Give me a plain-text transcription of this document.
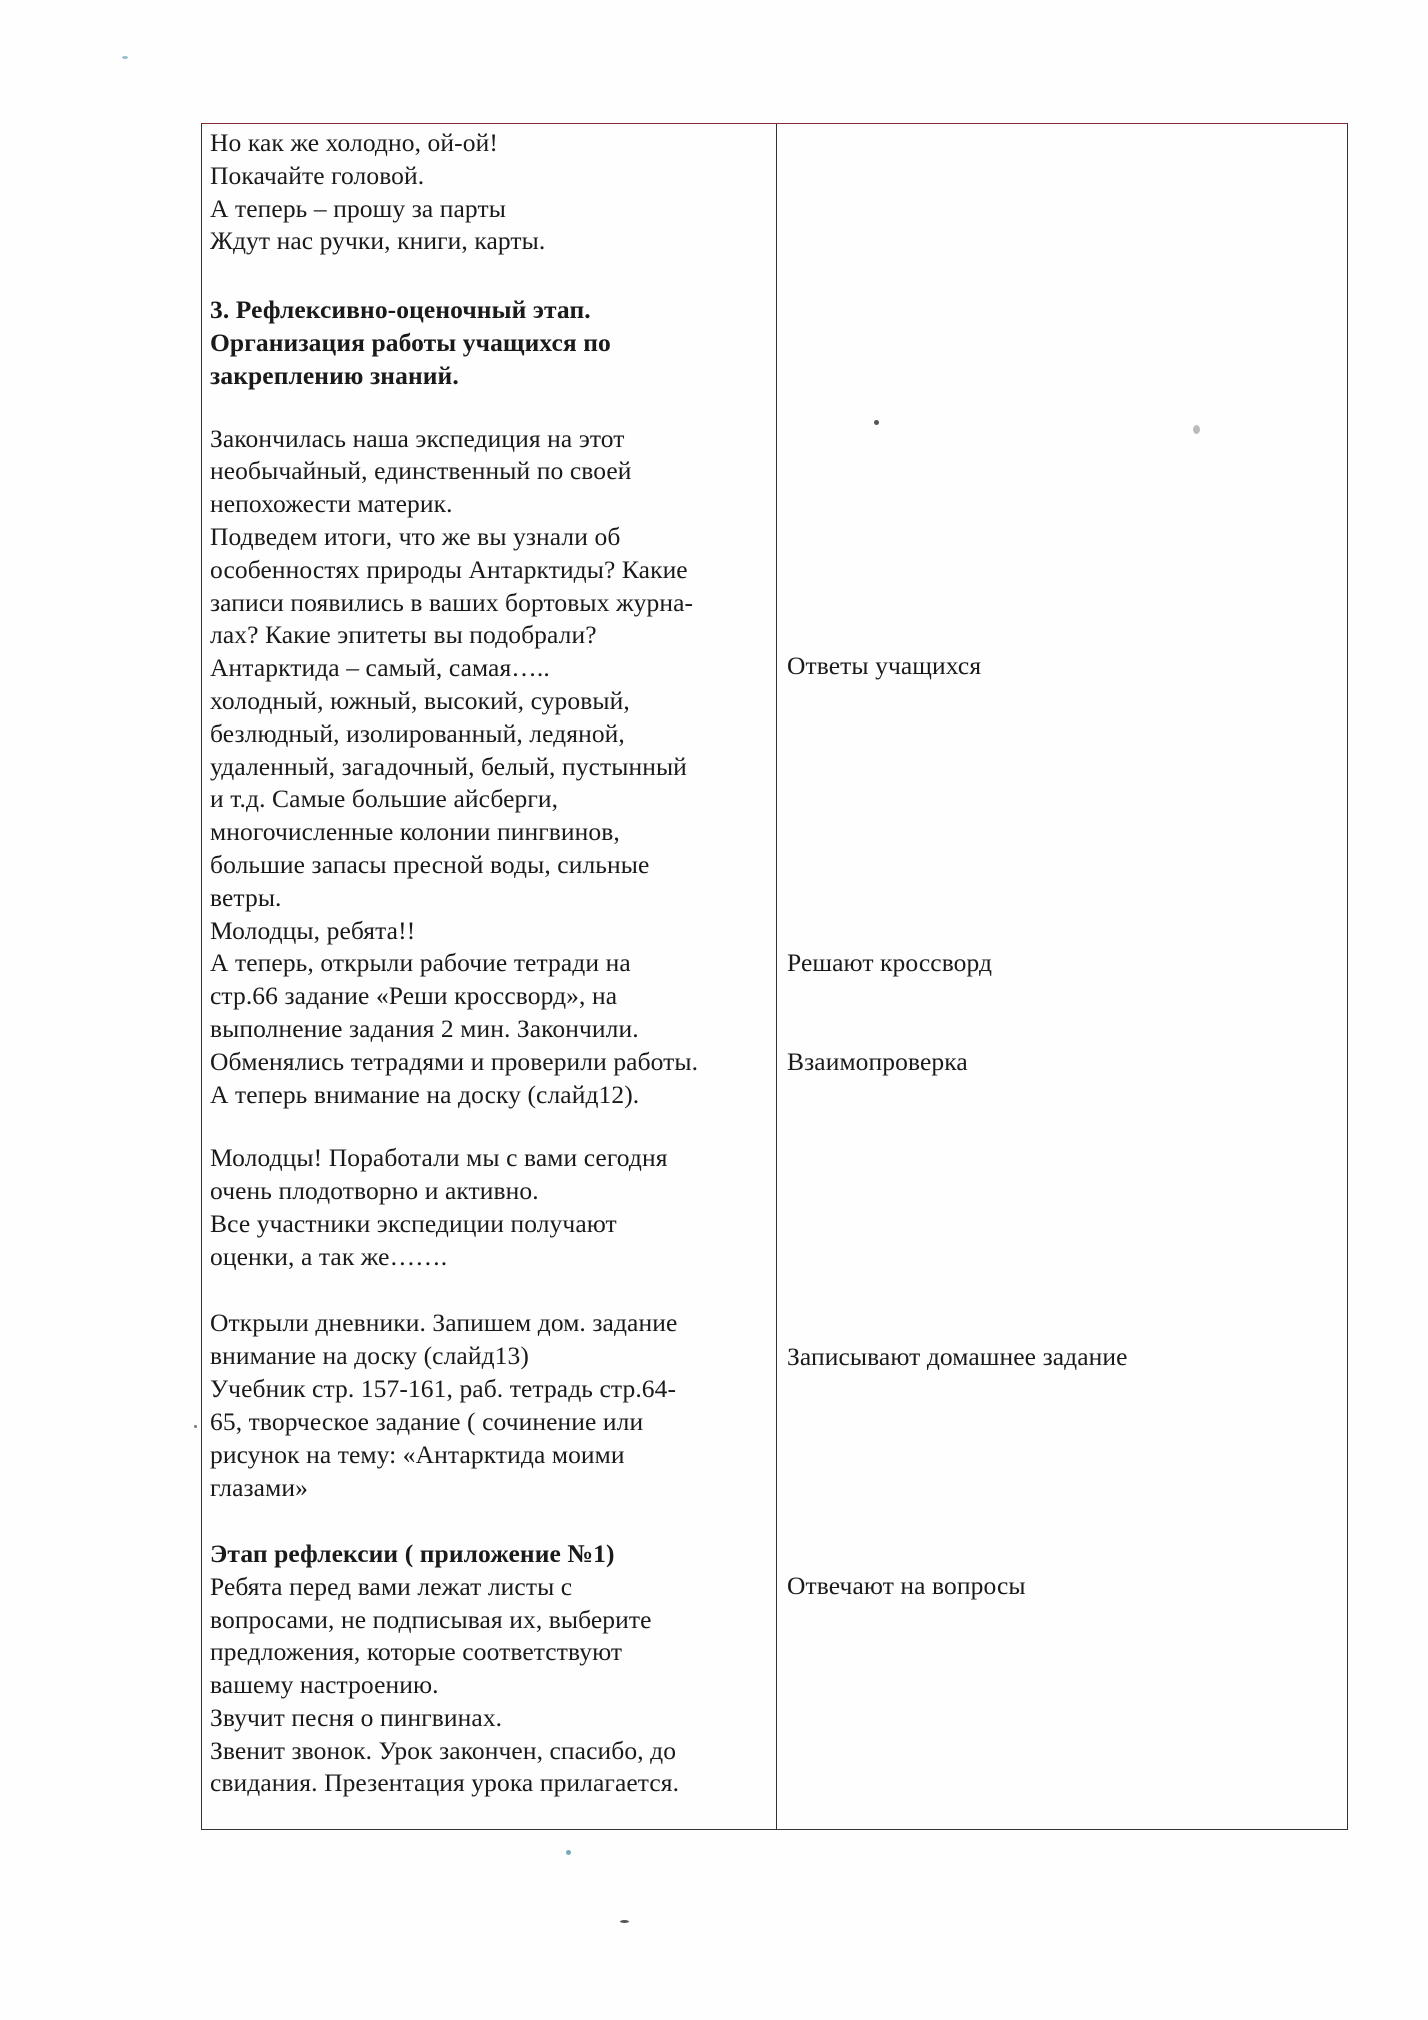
Но как же холодно, ой-ой!
Покачайте головой.
А теперь – прошу за парты
Ждут нас ручки, книги, карты.
3. Рефлексивно-оценочный этап.
Организация работы учащихся по
закреплению знаний.
Закончилась наша экспедиция на этот
необычайный, единственный по своей
непохожести материк.
Подведем итоги, что же вы узнали об
особенностях природы Антарктиды? Какие
записи появились в ваших бортовых журна-
лах? Какие эпитеты вы подобрали?
Антарктида – самый, самая…..
холодный, южный, высокий, суровый,
безлюдный, изолированный, ледяной,
удаленный, загадочный, белый, пустынный
и т.д. Самые большие айсберги,
многочисленные колонии пингвинов,
большие запасы пресной воды, сильные
ветры.
Молодцы, ребята!!
А теперь, открыли рабочие тетради на
стр.66 задание «Реши кроссворд», на
выполнение задания 2 мин. Закончили.
Обменялись тетрадями и проверили работы.
А теперь внимание на доску (слайд12).
Молодцы! Поработали мы с вами сегодня
очень плодотворно и активно.
Все участники экспедиции получают
оценки, а так же…….
Открыли дневники. Запишем дом. задание
внимание на доску (слайд13)
Учебник стр. 157-161, раб. тетрадь стр.64-
65, творческое задание ( сочинение или
рисунок на тему: «Антарктида моими
глазами»
Этап рефлексии ( приложение №1)
Ребята перед вами лежат листы с
вопросами, не подписывая их, выберите
предложения, которые соответствуют
вашему настроению.
Звучит песня о пингвинах.
Звенит звонок. Урок закончен, спасибо, до
свидания. Презентация урока прилагается.
Ответы учащихся
Решают кроссворд
Взаимопроверка
Записывают домашнее задание
Отвечают на вопросы
